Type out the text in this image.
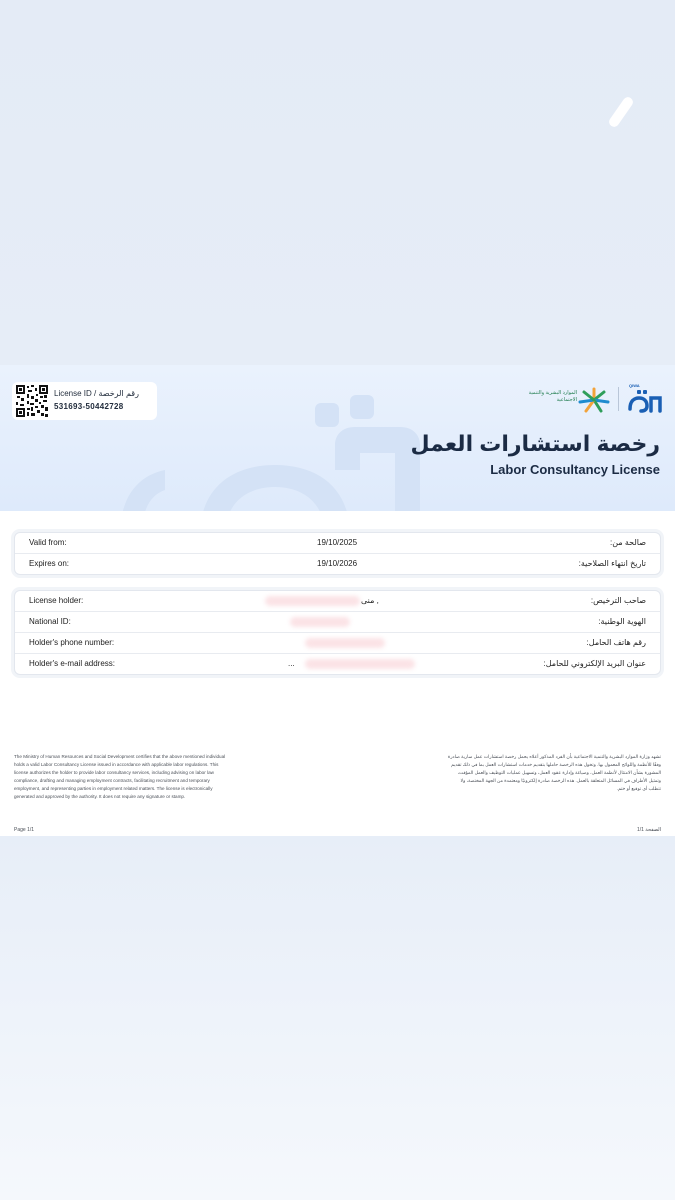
License ID / رقم الرخصة
531693-50442728
الموارد البشرية والتنمية الاجتماعية
QIWA
رخصة استشارات العمل
Labor Consultancy License
Valid from:	19/10/2025	صالحة من:
Expires on:	19/10/2026	تاريخ انتهاء الصلاحية:
License holder:	منى ,	صاحب الترخيص:
National ID:	الهوية الوطنية:
Holder's phone number:	رقم هاتف الحامل:
Holder's e-mail address:	...	عنوان البريد الإلكتروني للحامل:
The Ministry of Human Resources and Social Development certifies that the above mentioned individual holds a valid Labor Consultancy License issued in accordance with applicable labor regulations. This license authorizes the holder to provide labor consultancy services, including advising on labor law compliance, drafting and managing employment contracts, facilitating recruitment and temporary employment, and representing parties in employment related matters. The license is electronically generated and approved by the authority. It does not require any signature or stamp.
تشهد وزارة الموارد البشرية والتنمية الاجتماعية بأن الفرد المذكور أعلاه يحمل رخصة استشارات عمل سارية صادرة وفقًا للأنظمة واللوائح المعمول بها. وتخول هذه الرخصة حاملها بتقديم خدمات استشارات العمل بما في ذلك تقديم المشورة بشأن الامتثال لأنظمة العمل، وصياغة وإدارة عقود العمل، وتسهيل عمليات التوظيف والعمل المؤقت، وتمثيل الأطراف في المسائل المتعلقة بالعمل. هذه الرخصة صادرة إلكترونيًا ومعتمدة من الجهة المختصة، ولا تتطلب أي توقيع أو ختم.
Page 1/1	الصفحة 1/1
